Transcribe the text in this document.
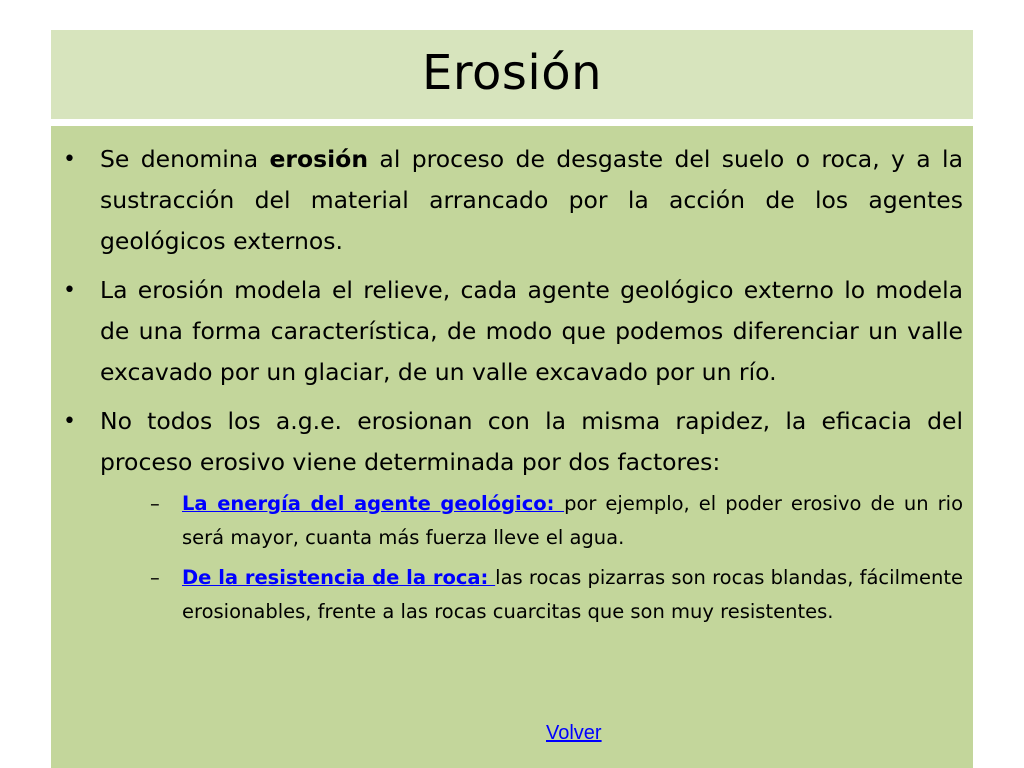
Erosión
•	Se denomina erosión al proceso de desgaste del suelo o roca, y a la sustracción del material arrancado por la acción de los agentes geológicos externos.
•	La erosión modela el relieve, cada agente geológico externo lo modela de una forma característica, de modo que podemos diferenciar un valle excavado por un glaciar, de un valle excavado por un río.
•	No todos los a.g.e. erosionan con la misma rapidez, la eficacia del proceso erosivo viene determinada por dos factores:
–	La energía del agente geológico: por ejemplo, el poder erosivo de un rio será mayor, cuanta más fuerza lleve el agua.
–	De la resistencia de la roca: las rocas pizarras son rocas blandas, fácilmente erosionables, frente a las rocas cuarcitas que son muy resistentes.
Volver
